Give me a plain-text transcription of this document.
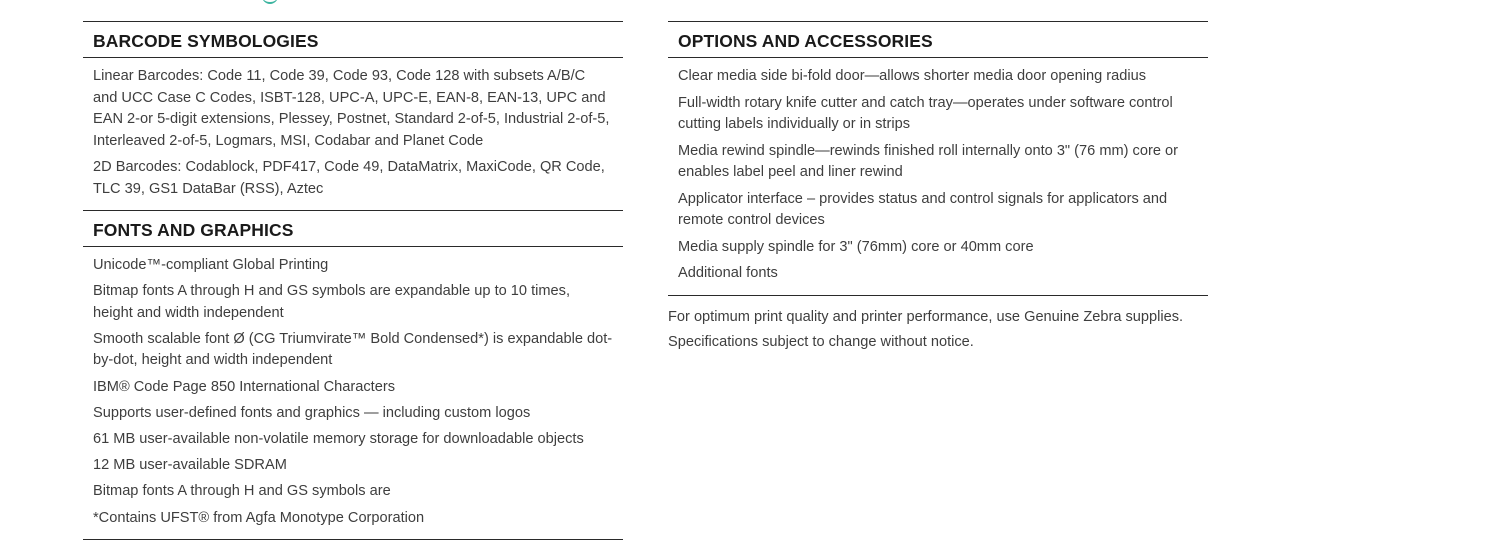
BARCODE SYMBOLOGIES
Linear Barcodes: Code 11, Code 39, Code 93, Code 128 with subsets A/B/C and UCC Case C Codes, ISBT-128, UPC-A, UPC-E, EAN-8, EAN-13, UPC and EAN 2-or 5-digit extensions, Plessey, Postnet, Standard 2-of-5, Industrial 2-of-5, Interleaved 2-of-5, Logmars, MSI, Codabar and Planet Code
2D Barcodes: Codablock, PDF417, Code 49, DataMatrix, MaxiCode, QR Code, TLC 39, GS1 DataBar (RSS), Aztec
FONTS AND GRAPHICS
Unicode™-compliant Global Printing
Bitmap fonts A through H and GS symbols are expandable up to 10 times, height and width independent
Smooth scalable font Ø (CG Triumvirate™ Bold Condensed*) is expandable dot-by-dot, height and width independent
IBM® Code Page 850 International Characters
Supports user-defined fonts and graphics — including custom logos
61 MB user-available non-volatile memory storage for downloadable objects
12 MB user-available SDRAM
Bitmap fonts A through H and GS symbols are
*Contains UFST® from Agfa Monotype Corporation
OPTIONS AND ACCESSORIES
Clear media side bi-fold door—allows shorter media door opening radius
Full-width rotary knife cutter and catch tray—operates under software control cutting labels individually or in strips
Media rewind spindle—rewinds finished roll internally onto 3" (76 mm) core or enables label peel and liner rewind
Applicator interface – provides status and control signals for applicators and remote control devices
Media supply spindle for 3" (76mm) core or 40mm core
Additional fonts

For optimum print quality and printer performance, use Genuine Zebra supplies.

Specifications subject to change without notice.
